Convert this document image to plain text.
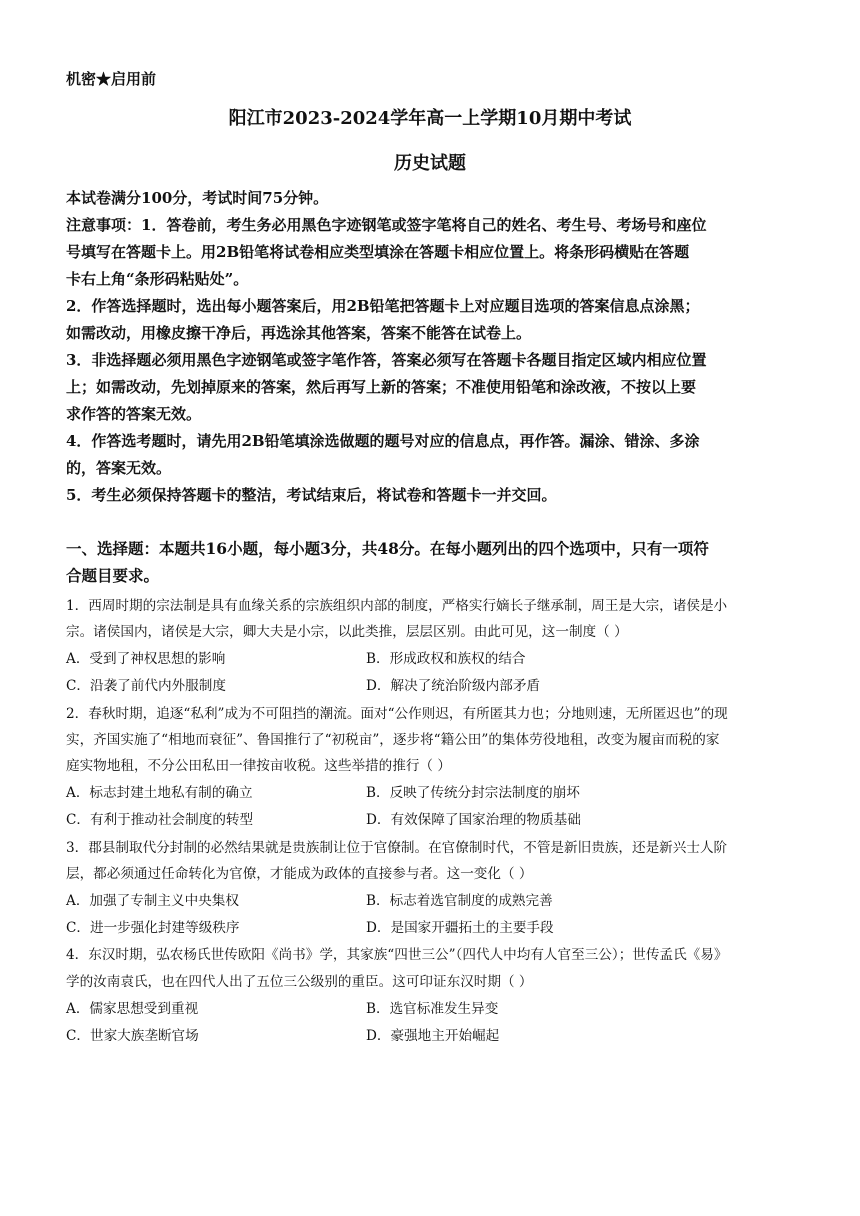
机密★启用前
阳江市2023-2024学年高一上学期10月期中考试
历史试题
本试卷满分100分，考试时间75分钟。
注意事项：1．答卷前，考生务必用黑色字迹钢笔或签字笔将自己的姓名、考生号、考场号和座位
号填写在答题卡上。用2B铅笔将试卷相应类型填涂在答题卡相应位置上。将条形码横贴在答题
卡右上角“条形码粘贴处”。
2．作答选择题时，选出每小题答案后，用2B铅笔把答题卡上对应题目选项的答案信息点涂黑；
如需改动，用橡皮擦干净后，再选涂其他答案，答案不能答在试卷上。
3．非选择题必须用黑色字迹钢笔或签字笔作答，答案必须写在答题卡各题目指定区域内相应位置
上；如需改动，先划掉原来的答案，然后再写上新的答案；不准使用铅笔和涂改液，不按以上要
求作答的答案无效。
4．作答选考题时，请先用2B铅笔填涂选做题的题号对应的信息点，再作答。漏涂、错涂、多涂
的，答案无效。
5．考生必须保持答题卡的整洁，考试结束后，将试卷和答题卡一并交回。
一、选择题：本题共16小题，每小题3分，共48分。在每小题列出的四个选项中，只有一项符
合题目要求。
1．西周时期的宗法制是具有血缘关系的宗族组织内部的制度，严格实行嫡长子继承制，周王是大宗，诸侯是小
宗。诸侯国内，诸侯是大宗，卿大夫是小宗，以此类推，层层区别。由此可见，这一制度（ ）
A．受到了神权思想的影响	B．形成政权和族权的结合
C．沿袭了前代内外服制度	D．解决了统治阶级内部矛盾
2．春秋时期，追逐“私利”成为不可阻挡的潮流。面对“公作则迟，有所匿其力也；分地则速，无所匿迟也”的现
实，齐国实施了“相地而衰征”、鲁国推行了“初税亩”，逐步将“籍公田”的集体劳役地租，改变为履亩而税的家
庭实物地租，不分公田私田一律按亩收税。这些举措的推行（ ）
A．标志封建土地私有制的确立	B．反映了传统分封宗法制度的崩坏
C．有利于推动社会制度的转型	D．有效保障了国家治理的物质基础
3．郡县制取代分封制的必然结果就是贵族制让位于官僚制。在官僚制时代，不管是新旧贵族，还是新兴士人阶
层，都必须通过任命转化为官僚，才能成为政体的直接参与者。这一变化（ ）
A．加强了专制主义中央集权	B．标志着选官制度的成熟完善
C．进一步强化封建等级秩序	D．是国家开疆拓土的主要手段
4．东汉时期，弘农杨氏世传欧阳《尚书》学，其家族“四世三公”（四代人中均有人官至三公）；世传孟氏《易》
学的汝南袁氏，也在四代人出了五位三公级别的重臣。这可印证东汉时期（ ）
A．儒家思想受到重视	B．选官标准发生异变
C．世家大族垄断官场	D．豪强地主开始崛起
